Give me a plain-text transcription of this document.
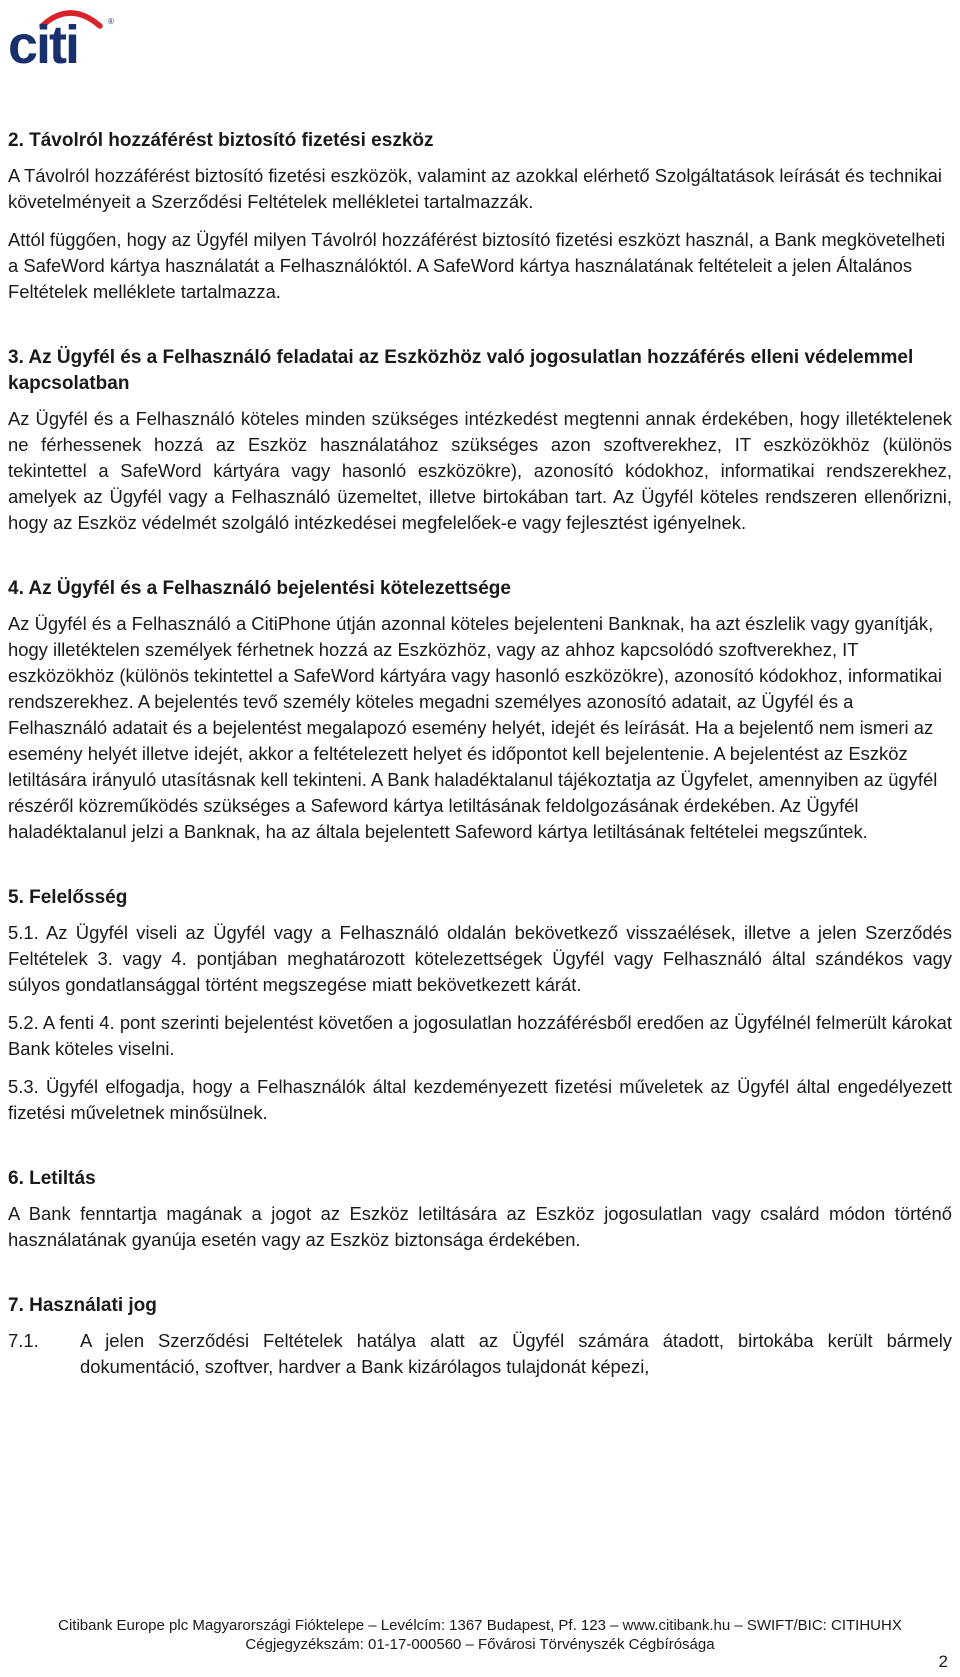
citi	®
2. Távolról hozzáférést biztosító fizetési eszköz

A Távolról hozzáférést biztosító fizetési eszközök, valamint az azokkal elérhető Szolgáltatások leírását és technikai követelményeit a Szerződési Feltételek mellékletei tartalmazzák.

Attól függően, hogy az Ügyfél milyen Távolról hozzáférést biztosító fizetési eszközt használ, a Bank megkövetelheti a SafeWord kártya használatát a Felhasználóktól. A SafeWord kártya használatának feltételeit a jelen Általános Feltételek melléklete tartalmazza.

3. Az Ügyfél és a Felhasználó feladatai az Eszközhöz való jogosulatlan hozzáférés elleni védelemmel kapcsolatban

Az Ügyfél és a Felhasználó köteles minden szükséges intézkedést megtenni annak érdekében, hogy illetéktelenek ne férhessenek hozzá az Eszköz használatához szükséges azon szoftverekhez, IT eszközökhöz (különös tekintettel a SafeWord kártyára vagy hasonló eszközökre), azonosító kódokhoz, informatikai rendszerekhez, amelyek az Ügyfél vagy a Felhasználó üzemeltet, illetve birtokában tart. Az Ügyfél köteles rendszeren ellenőrizni, hogy az Eszköz védelmét szolgáló intézkedései megfelelőek-e vagy fejlesztést igényelnek.

4. Az Ügyfél és a Felhasználó bejelentési kötelezettsége

Az Ügyfél és a Felhasználó a CitiPhone útján azonnal köteles bejelenteni Banknak, ha azt észlelik vagy gyanítják, hogy illetéktelen személyek férhetnek hozzá az Eszközhöz, vagy az ahhoz kapcsolódó szoftverekhez, IT eszközökhöz (különös tekintettel a SafeWord kártyára vagy hasonló eszközökre), azonosító kódokhoz, informatikai rendszerekhez. A bejelentés tevő személy köteles megadni személyes azonosító adatait, az Ügyfél és a Felhasználó adatait és a bejelentést megalapozó esemény helyét, idejét és leírását. Ha a bejelentő nem ismeri az esemény helyét illetve idejét, akkor a feltételezett helyet és időpontot kell bejelentenie. A bejelentést az Eszköz letiltására irányuló utasításnak kell tekinteni. A Bank haladéktalanul tájékoztatja az Ügyfelet, amennyiben az ügyfél részéről közreműködés szükséges a Safeword kártya letiltásának feldolgozásának érdekében. Az Ügyfél haladéktalanul jelzi a Banknak, ha az általa bejelentett Safeword kártya letiltásának feltételei megszűntek.

5. Felelősség

5.1. Az Ügyfél viseli az Ügyfél vagy a Felhasználó oldalán bekövetkező visszaélések, illetve a jelen Szerződés Feltételek 3. vagy 4. pontjában meghatározott kötelezettségek Ügyfél vagy Felhasználó által szándékos vagy súlyos gondatlansággal történt megszegése miatt bekövetkezett kárát.

5.2. A fenti 4. pont szerinti bejelentést követően a jogosulatlan hozzáférésből eredően az Ügyfélnél felmerült károkat Bank köteles viselni.

5.3. Ügyfél elfogadja, hogy a Felhasználók által kezdeményezett fizetési műveletek az Ügyfél által engedélyezett fizetési műveletnek minősülnek.

6. Letiltás

A Bank fenntartja magának a jogot az Eszköz letiltására az Eszköz jogosulatlan vagy csalárd módon történő használatának gyanúja esetén vagy az Eszköz biztonsága érdekében.

7. Használati jog
7.1.	A jelen Szerződési Feltételek hatálya alatt az Ügyfél számára átadott, birtokába került bármely dokumentáció, szoftver, hardver a Bank kizárólagos tulajdonát képezi,
Citibank Europe plc Magyarországi Fióktelepe – Levélcím: 1367 Budapest, Pf. 123 – www.citibank.hu – SWIFT/BIC: CITIHUHX
Cégjegyzékszám: 01-17-000560 – Fővárosi Törvényszék Cégbírósága
2
